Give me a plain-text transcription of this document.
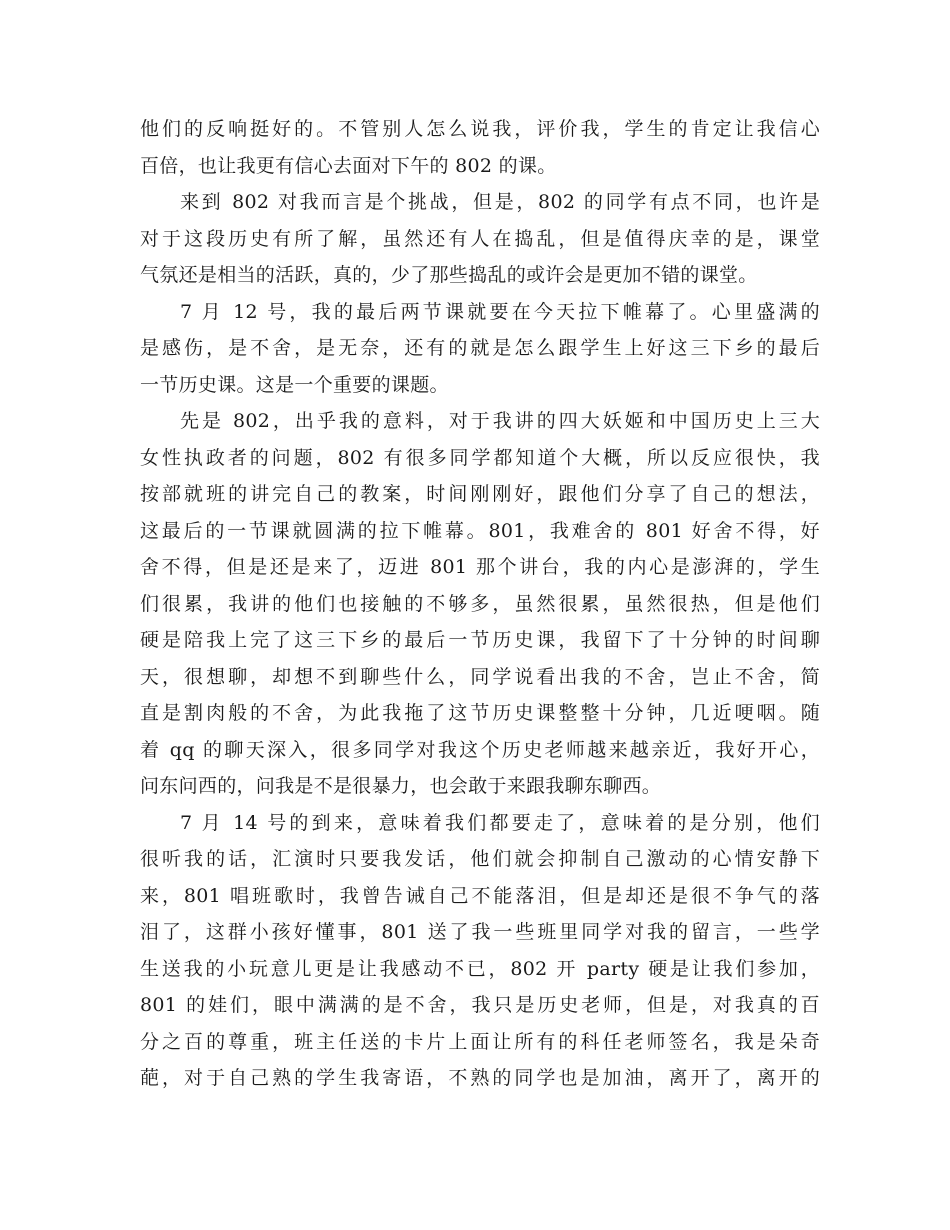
他们的反响挺好的。不管别人怎么说我，评价我，学生的肯定让我信心
百倍，也让我更有信心去面对下午的 802 的课。
来到 802 对我而言是个挑战，但是，802 的同学有点不同，也许是
对于这段历史有所了解，虽然还有人在捣乱，但是值得庆幸的是，课堂
气氛还是相当的活跃，真的，少了那些捣乱的或许会是更加不错的课堂。
7 月 12 号，我的最后两节课就要在今天拉下帷幕了。心里盛满的
是感伤，是不舍，是无奈，还有的就是怎么跟学生上好这三下乡的最后
一节历史课。这是一个重要的课题。
先是 802，出乎我的意料，对于我讲的四大妖姬和中国历史上三大
女性执政者的问题，802 有很多同学都知道个大概，所以反应很快，我
按部就班的讲完自己的教案，时间刚刚好，跟他们分享了自己的想法，
这最后的一节课就圆满的拉下帷幕。801，我难舍的 801 好舍不得，好
舍不得，但是还是来了，迈进 801 那个讲台，我的内心是澎湃的，学生
们很累，我讲的他们也接触的不够多，虽然很累，虽然很热，但是他们
硬是陪我上完了这三下乡的最后一节历史课，我留下了十分钟的时间聊
天，很想聊，却想不到聊些什么，同学说看出我的不舍，岂止不舍，简
直是割肉般的不舍，为此我拖了这节历史课整整十分钟，几近哽咽。随
着 qq 的聊天深入，很多同学对我这个历史老师越来越亲近，我好开心，
问东问西的，问我是不是很暴力，也会敢于来跟我聊东聊西。
7 月 14 号的到来，意味着我们都要走了，意味着的是分别，他们
很听我的话，汇演时只要我发话，他们就会抑制自己激动的心情安静下
来，801 唱班歌时，我曾告诫自己不能落泪，但是却还是很不争气的落
泪了，这群小孩好懂事，801 送了我一些班里同学对我的留言，一些学
生送我的小玩意儿更是让我感动不已，802 开 party 硬是让我们参加，
801 的娃们，眼中满满的是不舍，我只是历史老师，但是，对我真的百
分之百的尊重，班主任送的卡片上面让所有的科任老师签名，我是朵奇
葩，对于自己熟的学生我寄语，不熟的同学也是加油，离开了，离开的
